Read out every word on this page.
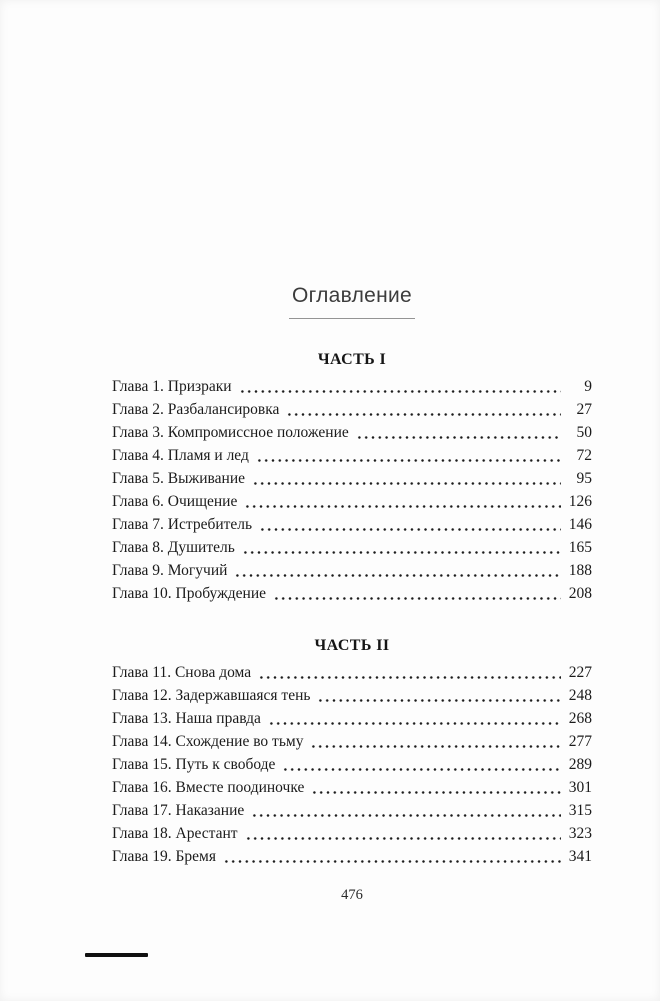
Оглавление
ЧАСТЬ I
Глава 1. Призраки	9
Глава 2. Разбалансировка	27
Глава 3. Компромиссное положение	50
Глава 4. Пламя и лед	72
Глава 5. Выживание	95
Глава 6. Очищение	126
Глава 7. Истребитель	146
Глава 8. Душитель	165
Глава 9. Могучий	188
Глава 10. Пробуждение	208
ЧАСТЬ II
Глава 11. Снова дома	227
Глава 12. Задержавшаяся тень	248
Глава 13. Наша правда	268
Глава 14. Схождение во тьму	277
Глава 15. Путь к свободе	289
Глава 16. Вместе поодиночке	301
Глава 17. Наказание	315
Глава 18. Арестант	323
Глава 19. Бремя	341
476
